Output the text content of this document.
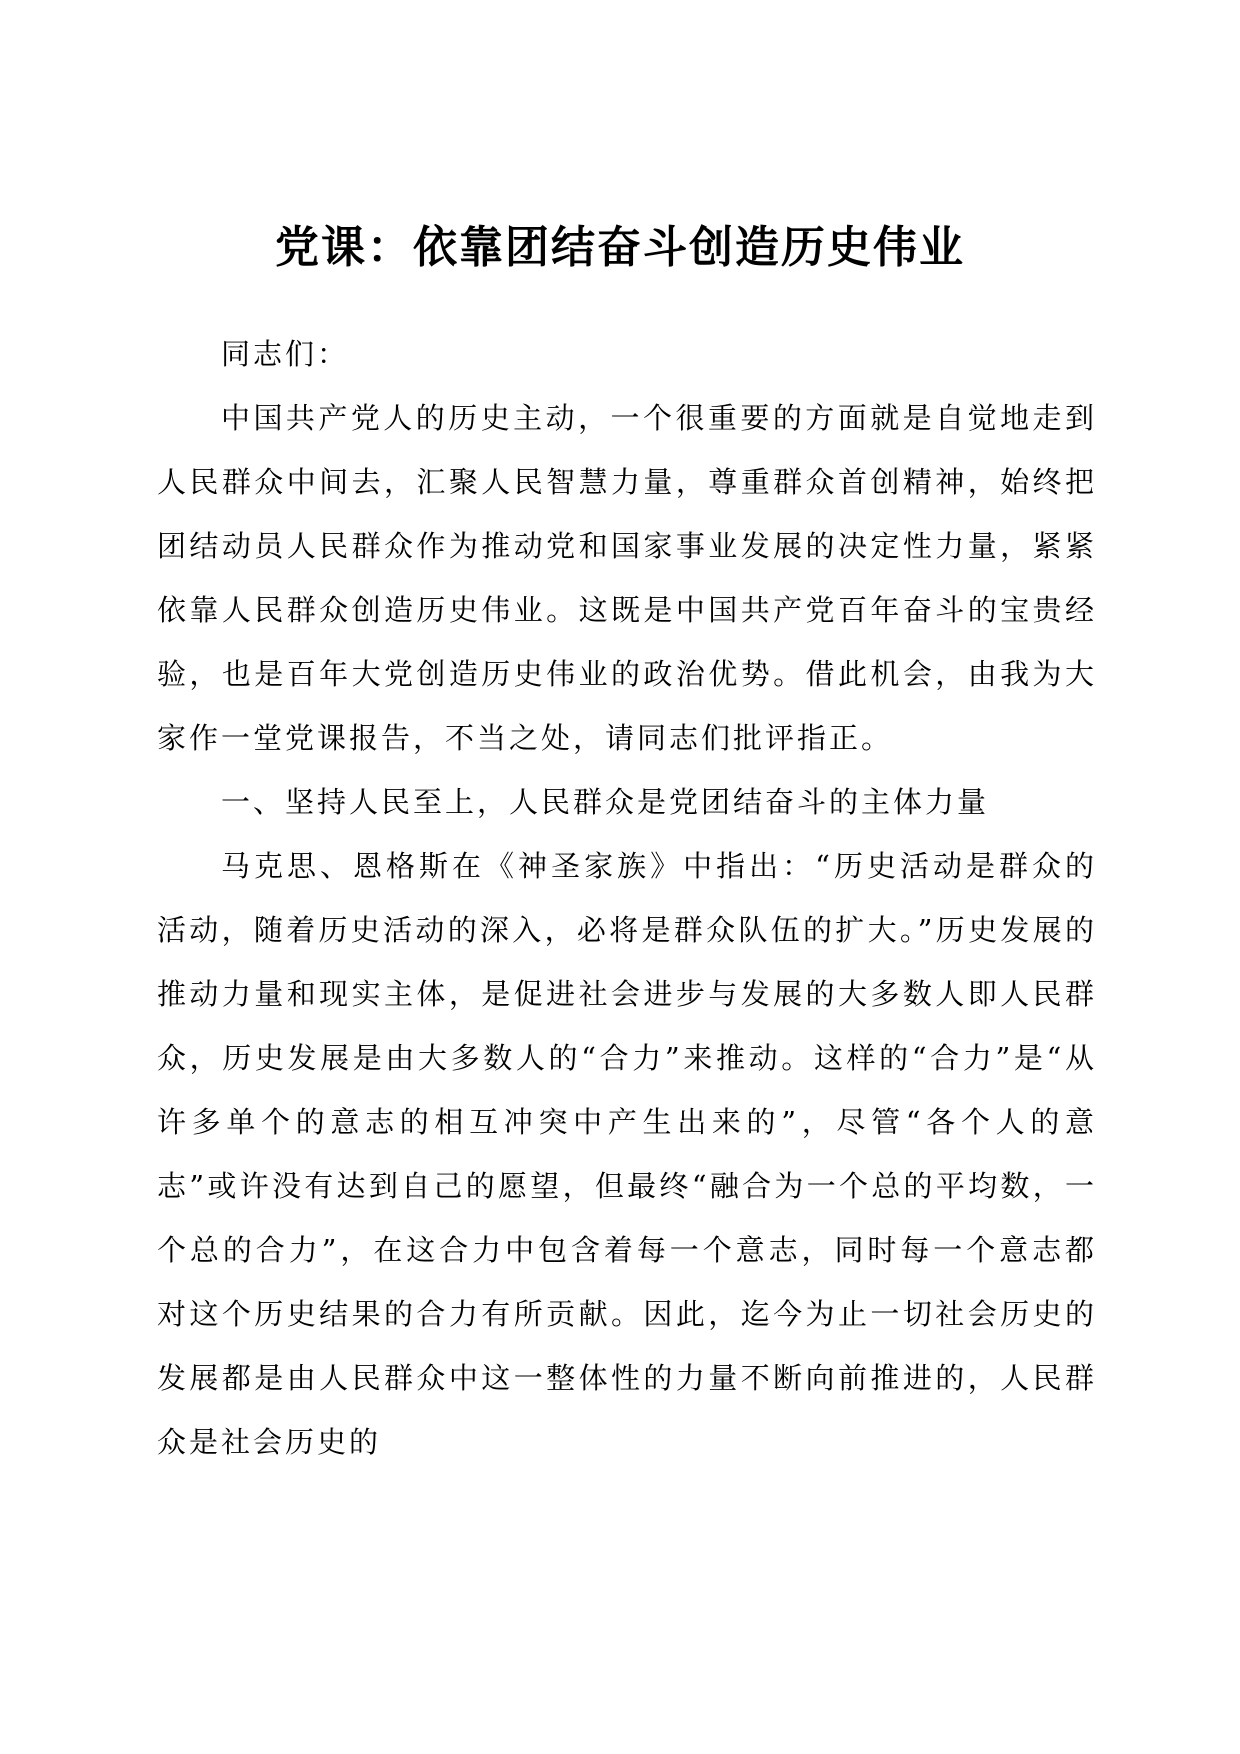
党课：依靠团结奋斗创造历史伟业

同志们：

中国共产党人的历史主动，一个很重要的方面就是自觉地走到人民群众中间去，汇聚人民智慧力量，尊重群众首创精神，始终把团结动员人民群众作为推动党和国家事业发展的决定性力量，紧紧依靠人民群众创造历史伟业。这既是中国共产党百年奋斗的宝贵经验，也是百年大党创造历史伟业的政治优势。借此机会，由我为大家作一堂党课报告，不当之处，请同志们批评指正。

一、坚持人民至上，人民群众是党团结奋斗的主体力量

马克思、恩格斯在《神圣家族》中指出：“历史活动是群众的活动，随着历史活动的深入，必将是群众队伍的扩大。”历史发展的推动力量和现实主体，是促进社会进步与发展的大多数人即人民群众，历史发展是由大多数人的“合力”来推动。这样的“合力”是“从许多单个的意志的相互冲突中产生出来的”，尽管“各个人的意志”或许没有达到自己的愿望，但最终“融合为一个总的平均数，一个总的合力”，在这合力中包含着每一个意志，同时每一个意志都对这个历史结果的合力有所贡献。因此，迄今为止一切社会历史的发展都是由人民群众中这一整体性的力量不断向前推进的，人民群众是社会历史的
